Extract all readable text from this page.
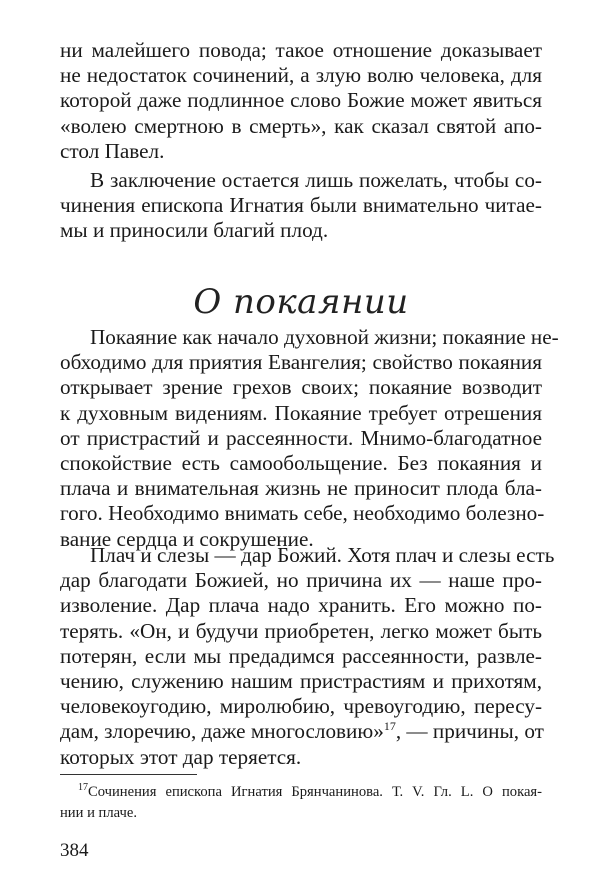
ни малейшего повода; такое отношение доказывает
не недостаток сочинений, а злую волю человека, для
которой даже подлинное слово Божие может явиться
«волею смертною в смерть», как сказал святой апо-
стол Павел.

В заключение остается лишь пожелать, чтобы со-
чинения епископа Игнатия были внимательно читае-
мы и приносили благий плод.

О покаянии

Покаяние как начало духовной жизни; покаяние не-
обходимо для приятия Евангелия; свойство покаяния
открывает зрение грехов своих; покаяние возводит
к духовным видениям. Покаяние требует отрешения
от пристрастий и рассеянности. Мнимо-благодатное
спокойствие есть самообольщение. Без покаяния и
плача и внимательная жизнь не приносит плода бла-
гого. Необходимо внимать себе, необходимо болезно-
вание сердца и сокрушение.

Плач и слезы — дар Божий. Хотя плач и слезы есть
дар благодати Божией, но причина их — наше про-
изволение. Дар плача надо хранить. Его можно по-
терять. «Он, и будучи приобретен, легко может быть
потерян, если мы предадимся рассеянности, развле-
чению, служению нашим пристрастиям и прихотям,
человекоугодию, миролюбию, чревоугодию, пересу-
дам, злоречию, даже многословию»$^{17}$, — причины, от
которых этот дар теряется.

$^{17}$Сочинения епископа Игнатия Брянчанинова. Т. V. Гл. L. О покая-
нии и плаче.
384
